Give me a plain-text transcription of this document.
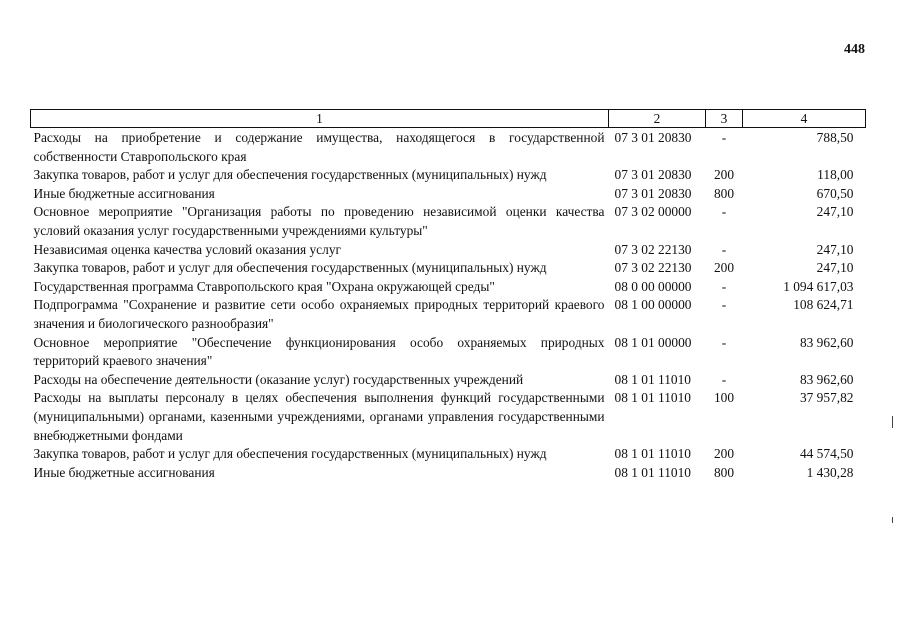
448
1	2	3	4
Расходы на приобретение и содержание имущества, находящегося в государственной собственности Ставропольского края	07 3 01 20830	-	788,50
Закупка товаров, работ и услуг для обеспечения государственных (муниципальных) нужд	07 3 01 20830	200	118,00
Иные бюджетные ассигнования	07 3 01 20830	800	670,50
Основное мероприятие "Организация работы по проведению независимой оценки качества условий оказания услуг государственными учреждениями культуры"	07 3 02 00000	-	247,10
Независимая оценка качества условий оказания услуг	07 3 02 22130	-	247,10
Закупка товаров, работ и услуг для обеспечения государственных (муниципальных) нужд	07 3 02 22130	200	247,10
Государственная программа Ставропольского края "Охрана окружающей среды"	08 0 00 00000	-	1 094 617,03
Подпрограмма "Сохранение и развитие сети особо охраняемых природных территорий краевого значения и биологического разнообразия"	08 1 00 00000	-	108 624,71
Основное мероприятие "Обеспечение функционирования особо охраняемых природных территорий краевого значения"	08 1 01 00000	-	83 962,60
Расходы на обеспечение деятельности (оказание услуг) государственных учреждений	08 1 01 11010	-	83 962,60
Расходы на выплаты персоналу в целях обеспечения выполнения функций государственными (муниципальными) органами, казенными учреждениями, органами управления государственными внебюджетными фондами	08 1 01 11010	100	37 957,82
Закупка товаров, работ и услуг для обеспечения государственных (муниципальных) нужд	08 1 01 11010	200	44 574,50
Иные бюджетные ассигнования	08 1 01 11010	800	1 430,28
